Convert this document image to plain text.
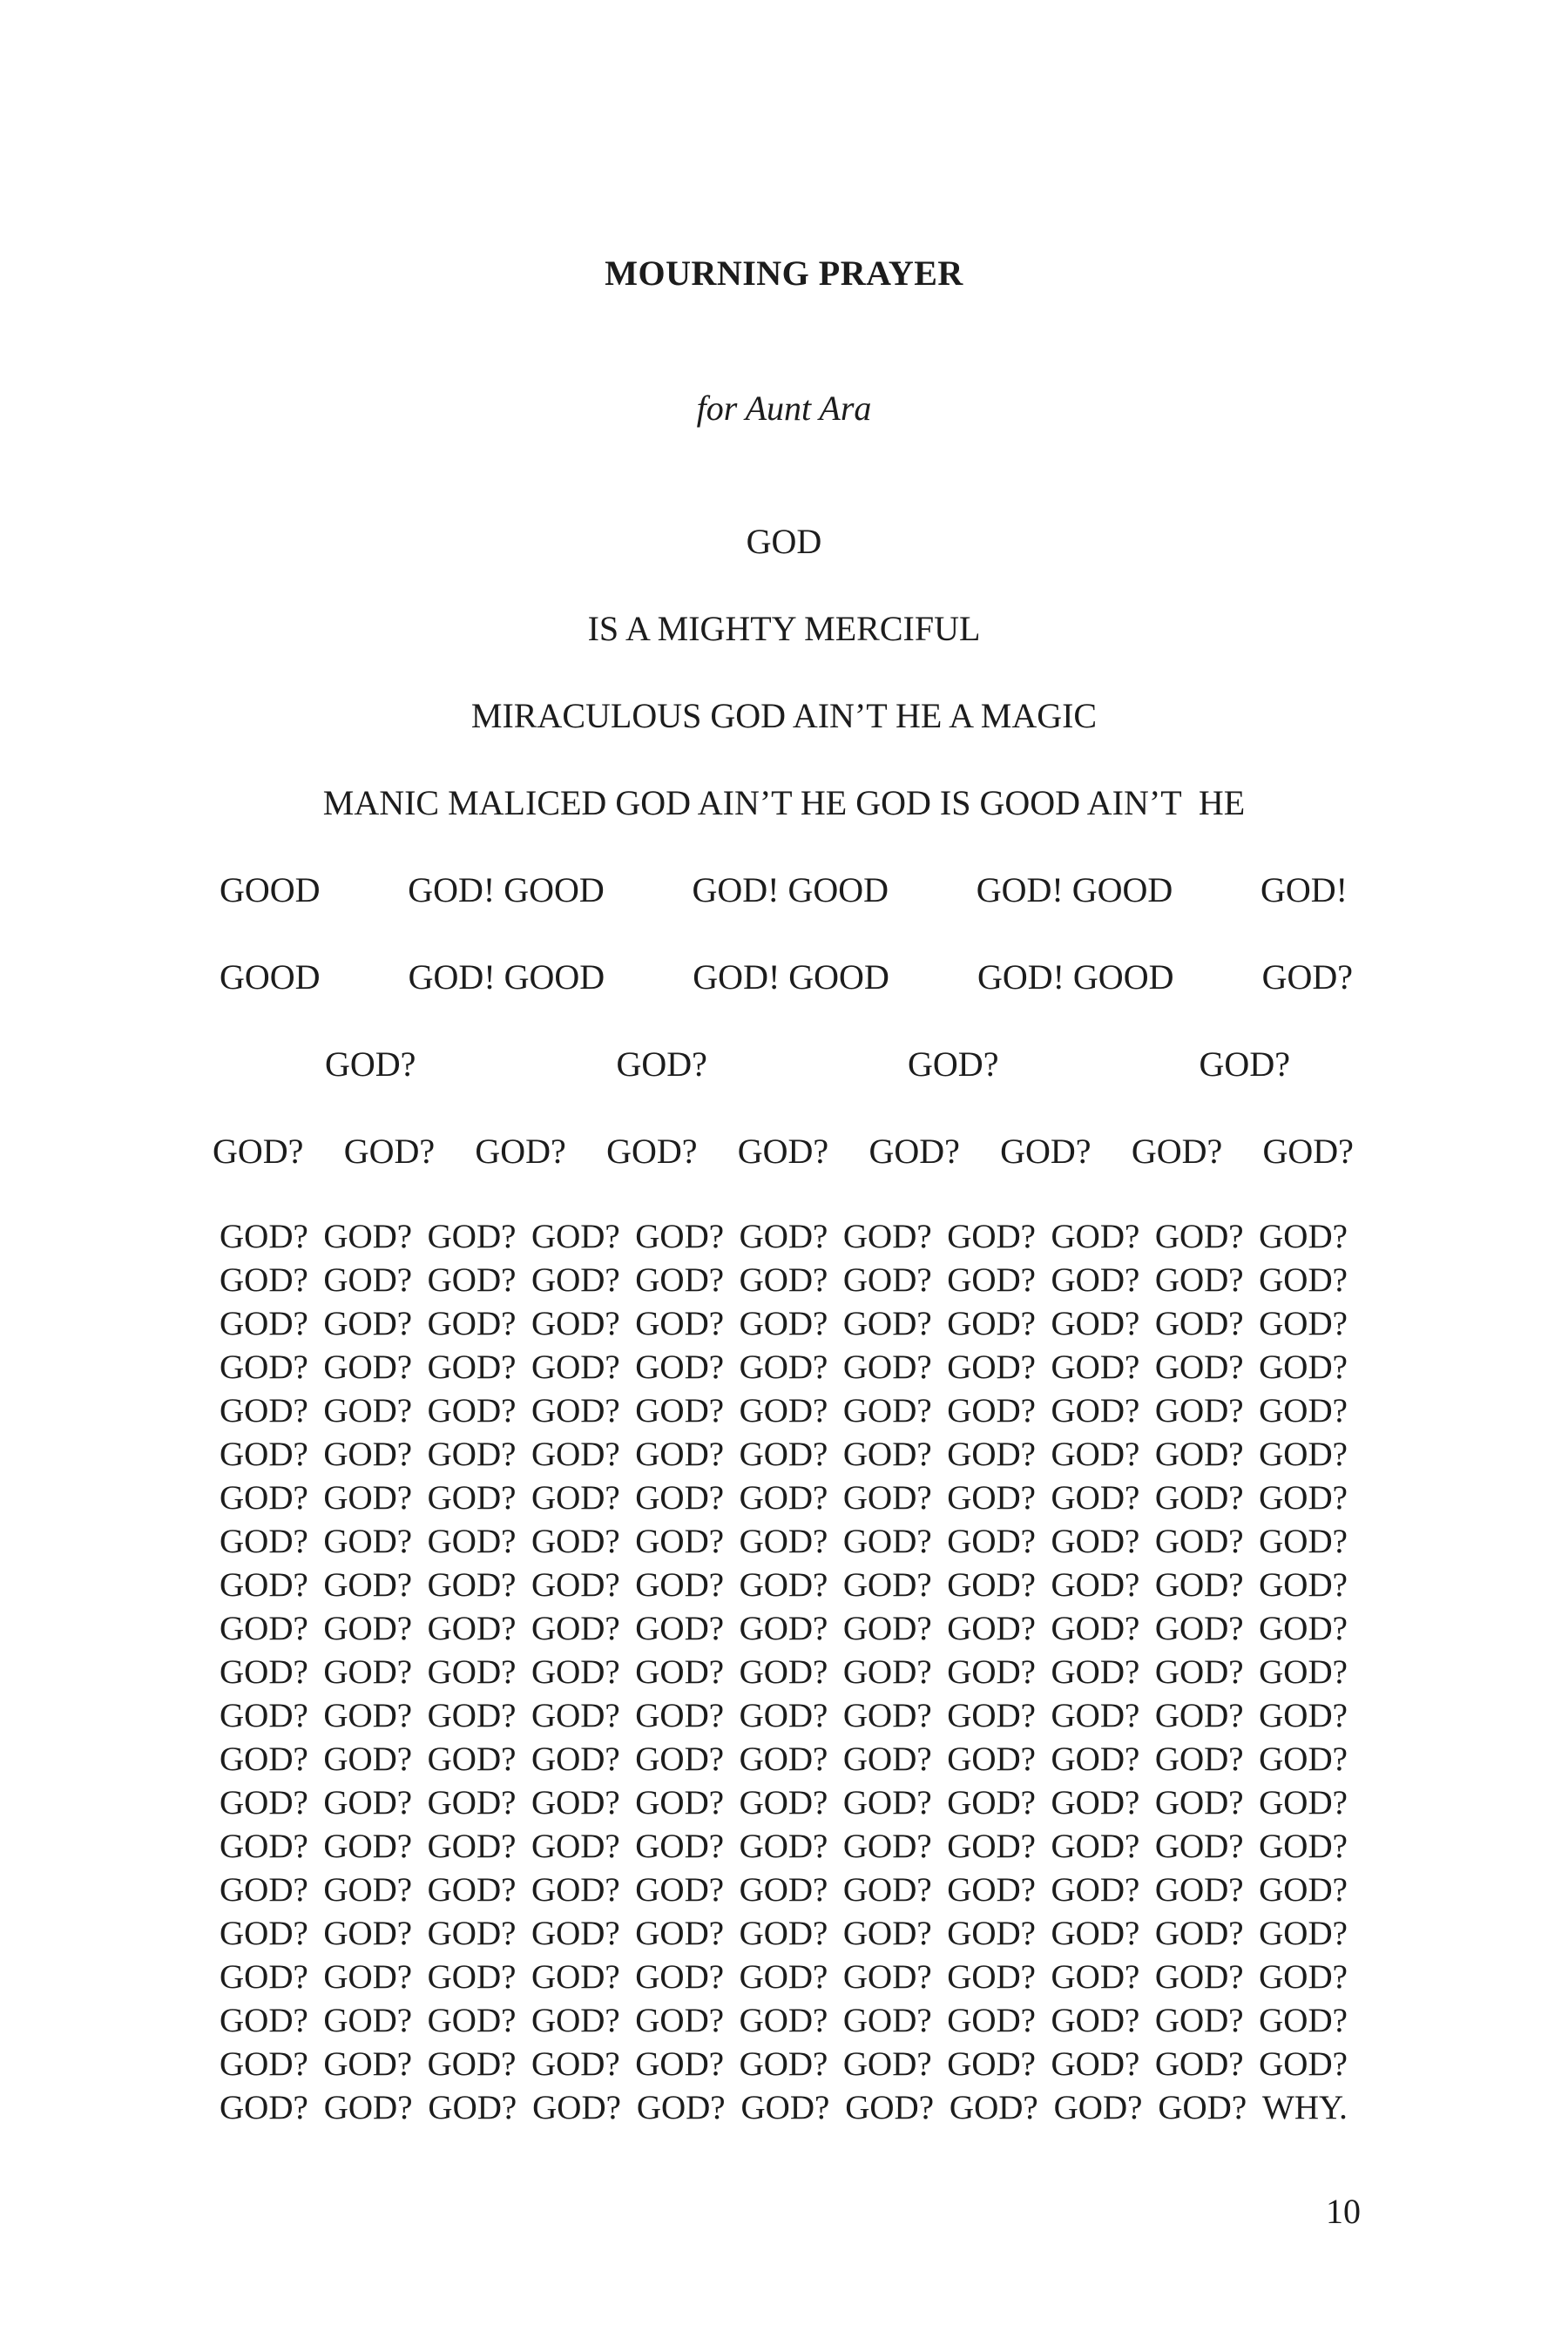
MOURNING PRAYER
for Aunt Ara
GOD
IS A MIGHTY MERCIFUL
MIRACULOUS GOD AIN’T HE A MAGIC
MANIC MALICED GOD AIN’T HE GOD IS GOOD AIN’T  HE
GOOD	GOD! GOOD	GOD! GOOD	GOD! GOOD	GOD!
GOOD	GOD! GOOD	GOD! GOOD	GOD! GOOD	GOD?
GOD?	GOD?	GOD?	GOD?
GOD? GOD? GOD? GOD? GOD? GOD? GOD? GOD? GOD?
GOD? GOD? GOD? GOD? GOD? GOD? GOD? GOD? GOD? GOD? GOD?
GOD? GOD? GOD? GOD? GOD? GOD? GOD? GOD? GOD? GOD? GOD?
GOD? GOD? GOD? GOD? GOD? GOD? GOD? GOD? GOD? GOD? GOD?
GOD? GOD? GOD? GOD? GOD? GOD? GOD? GOD? GOD? GOD? GOD?
GOD? GOD? GOD? GOD? GOD? GOD? GOD? GOD? GOD? GOD? GOD?
GOD? GOD? GOD? GOD? GOD? GOD? GOD? GOD? GOD? GOD? GOD?
GOD? GOD? GOD? GOD? GOD? GOD? GOD? GOD? GOD? GOD? GOD?
GOD? GOD? GOD? GOD? GOD? GOD? GOD? GOD? GOD? GOD? GOD?
GOD? GOD? GOD? GOD? GOD? GOD? GOD? GOD? GOD? GOD? GOD?
GOD? GOD? GOD? GOD? GOD? GOD? GOD? GOD? GOD? GOD? GOD?
GOD? GOD? GOD? GOD? GOD? GOD? GOD? GOD? GOD? GOD? GOD?
GOD? GOD? GOD? GOD? GOD? GOD? GOD? GOD? GOD? GOD? GOD?
GOD? GOD? GOD? GOD? GOD? GOD? GOD? GOD? GOD? GOD? GOD?
GOD? GOD? GOD? GOD? GOD? GOD? GOD? GOD? GOD? GOD? GOD?
GOD? GOD? GOD? GOD? GOD? GOD? GOD? GOD? GOD? GOD? GOD?
GOD? GOD? GOD? GOD? GOD? GOD? GOD? GOD? GOD? GOD? GOD?
GOD? GOD? GOD? GOD? GOD? GOD? GOD? GOD? GOD? GOD? GOD?
GOD? GOD? GOD? GOD? GOD? GOD? GOD? GOD? GOD? GOD? GOD?
GOD? GOD? GOD? GOD? GOD? GOD? GOD? GOD? GOD? GOD? GOD?
GOD? GOD? GOD? GOD? GOD? GOD? GOD? GOD? GOD? GOD? GOD?
GOD? GOD? GOD? GOD? GOD? GOD? GOD? GOD? GOD? GOD? WHY.
10
